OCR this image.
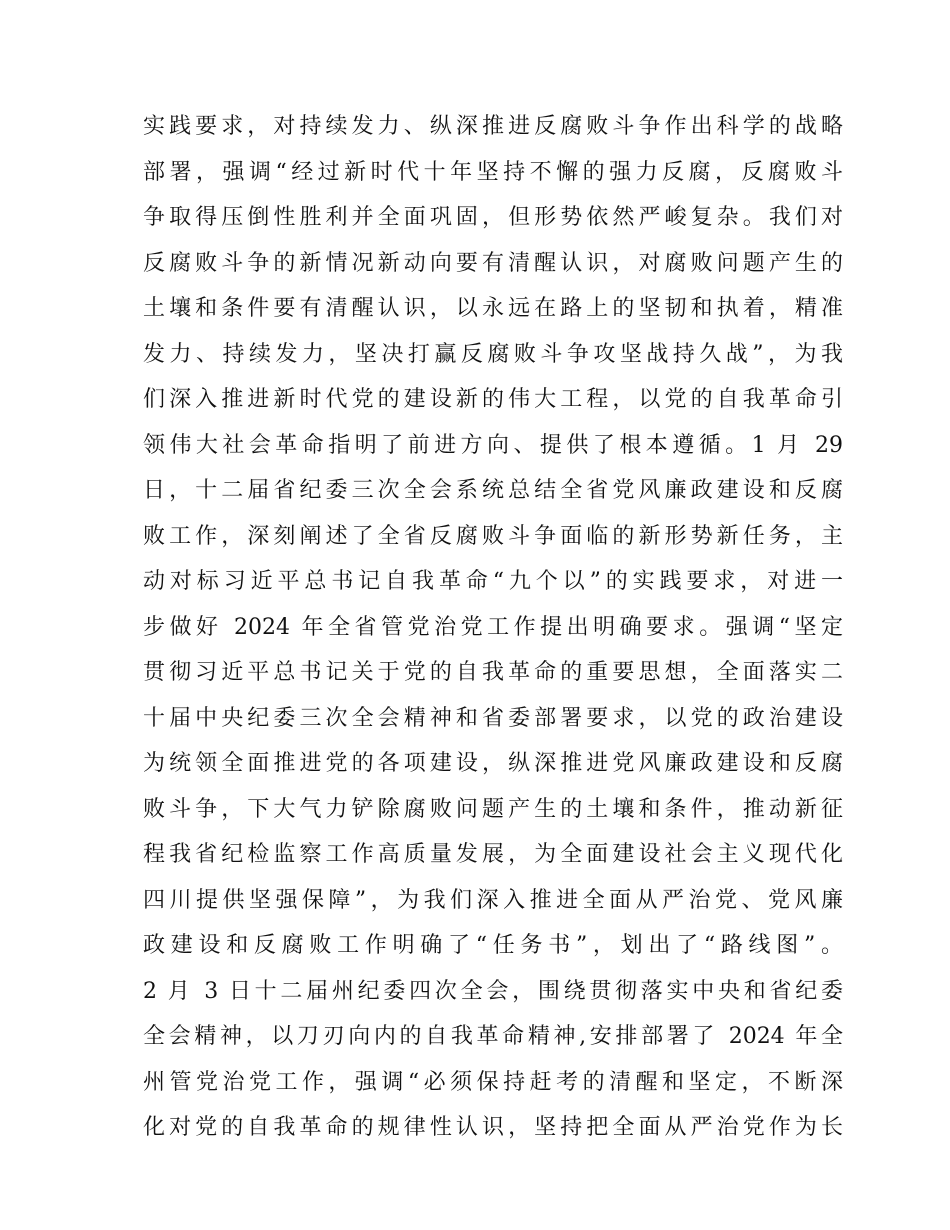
实践要求，对持续发力、纵深推进反腐败斗争作出科学的战略
部署，强调“经过新时代十年坚持不懈的强力反腐，反腐败斗
争取得压倒性胜利并全面巩固，但形势依然严峻复杂。我们对
反腐败斗争的新情况新动向要有清醒认识，对腐败问题产生的
土壤和条件要有清醒认识，以永远在路上的坚韧和执着，精准
发力、持续发力，坚决打赢反腐败斗争攻坚战持久战”，为我
们深入推进新时代党的建设新的伟大工程，以党的自我革命引
领伟大社会革命指明了前进方向、提供了根本遵循。1 月 29
日，十二届省纪委三次全会系统总结全省党风廉政建设和反腐
败工作，深刻阐述了全省反腐败斗争面临的新形势新任务，主
动对标习近平总书记自我革命“九个以”的实践要求，对进一
步做好 2024 年全省管党治党工作提出明确要求。强调“坚定
贯彻习近平总书记关于党的自我革命的重要思想，全面落实二
十届中央纪委三次全会精神和省委部署要求，以党的政治建设
为统领全面推进党的各项建设，纵深推进党风廉政建设和反腐
败斗争，下大气力铲除腐败问题产生的土壤和条件，推动新征
程我省纪检监察工作高质量发展，为全面建设社会主义现代化
四川提供坚强保障”，为我们深入推进全面从严治党、党风廉
政建设和反腐败工作明确了“任务书”，划出了“路线图”。
2 月 3 日十二届州纪委四次全会，围绕贯彻落实中央和省纪委
全会精神，以刀刃向内的自我革命精神,安排部署了 2024 年全
州管党治党工作，强调“必须保持赶考的清醒和坚定，不断深
化对党的自我革命的规律性认识，坚持把全面从严治党作为长
